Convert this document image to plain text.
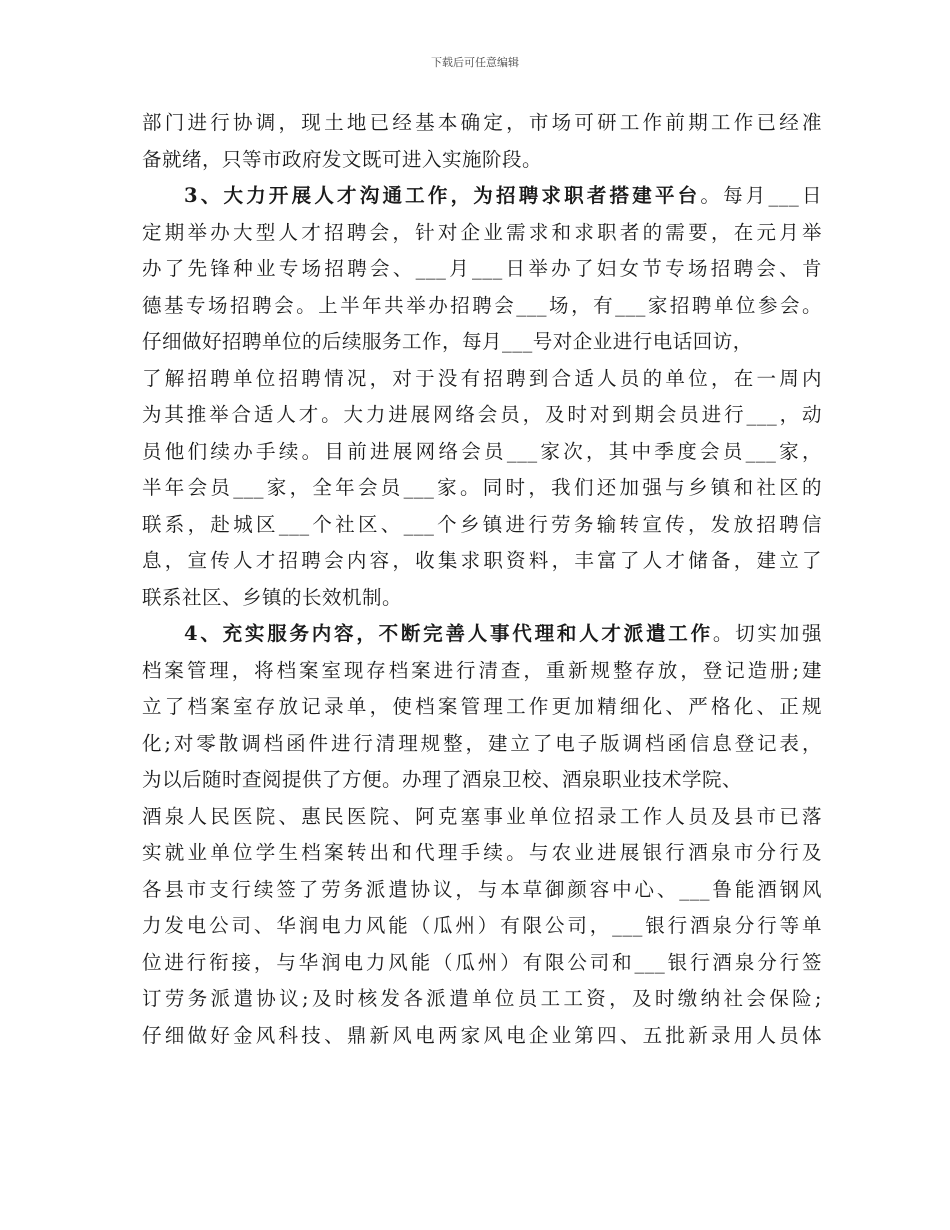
下载后可任意编辑
部门进行协调，现土地已经基本确定，市场可研工作前期工作已经准
备就绪，只等市政府发文既可进入实施阶段。
3、大力开展人才沟通工作，为招聘求职者搭建平台。每月___日
定期举办大型人才招聘会，针对企业需求和求职者的需要，在元月举
办了先锋种业专场招聘会、___月___日举办了妇女节专场招聘会、肯
德基专场招聘会。上半年共举办招聘会___场，有___家招聘单位参会。
仔细做好招聘单位的后续服务工作，每月___号对企业进行电话回访，
了解招聘单位招聘情况，对于没有招聘到合适人员的单位，在一周内
为其推举合适人才。大力进展网络会员，及时对到期会员进行___，动
员他们续办手续。目前进展网络会员___家次，其中季度会员___家，
半年会员___家，全年会员___家。同时，我们还加强与乡镇和社区的
联系，赴城区___个社区、___个乡镇进行劳务输转宣传，发放招聘信
息，宣传人才招聘会内容，收集求职资料，丰富了人才储备，建立了
联系社区、乡镇的长效机制。
4、充实服务内容，不断完善人事代理和人才派遣工作。切实加强
档案管理，将档案室现存档案进行清查，重新规整存放，登记造册;建
立了档案室存放记录单，使档案管理工作更加精细化、严格化、正规
化;对零散调档函件进行清理规整，建立了电子版调档函信息登记表，
为以后随时查阅提供了方便。办理了酒泉卫校、酒泉职业技术学院、
酒泉人民医院、惠民医院、阿克塞事业单位招录工作人员及县市已落
实就业单位学生档案转出和代理手续。与农业进展银行酒泉市分行及
各县市支行续签了劳务派遣协议，与本草御颜容中心、___鲁能酒钢风
力发电公司、华润电力风能（瓜州）有限公司，___银行酒泉分行等单
位进行衔接，与华润电力风能（瓜州）有限公司和___银行酒泉分行签
订劳务派遣协议;及时核发各派遣单位员工工资，及时缴纳社会保险;
仔细做好金风科技、鼎新风电两家风电企业第四、五批新录用人员体
